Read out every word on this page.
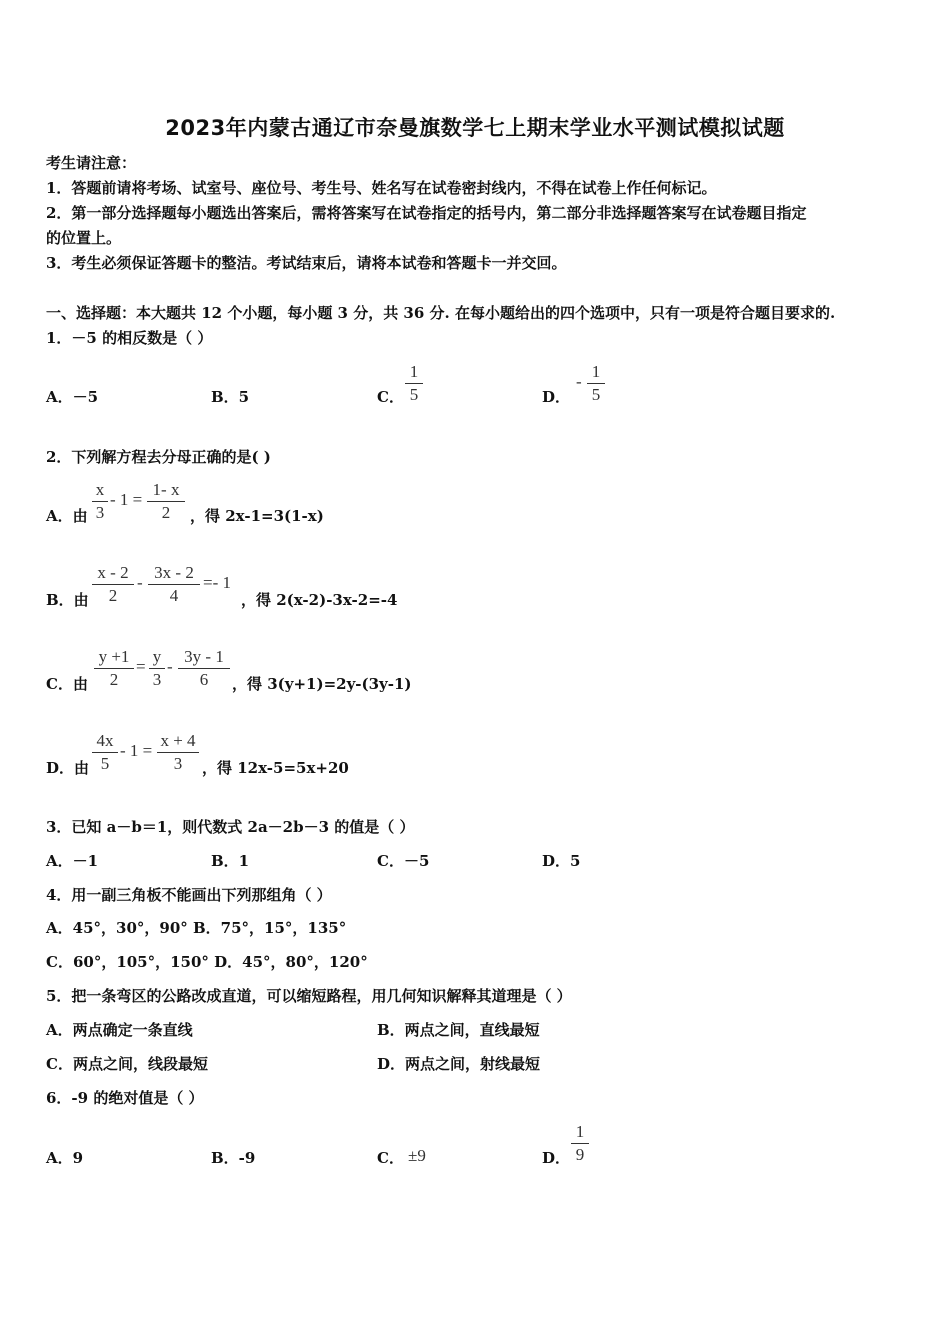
2023年内蒙古通辽市奈曼旗数学七上期末学业水平测试模拟试题
考生请注意：
1．答题前请将考场、试室号、座位号、考生号、姓名写在试卷密封线内，不得在试卷上作任何标记。
2．第一部分选择题每小题选出答案后，需将答案写在试卷指定的括号内，第二部分非选择题答案写在试卷题目指定
的位置上。
3．考生必须保证答题卡的整洁。考试结束后，请将本试卷和答题卡一并交回。
一、选择题：本大题共 12 个小题，每小题 3 分，共 36 分. 在每小题给出的四个选项中，只有一项是符合题目要求的.
1．－5 的相反数是（ ）
A．－5	B．5	C．
1
5	D．
-
1
5
2．下列解方程去分母正确的是( )
A．由
x
3
- 1 =
1- x
2	，得 2x-1=3(1-x)
B．由
x - 2
2
-
3x - 2
4
=- 1
，得 2(x-2)-3x-2=-4
C．由
y +1
2
=
y
3
-
3y - 1
6	，得 3(y+1)=2y-(3y-1)
D．由
4x
5
- 1 =
x + 4
3	，得 12x-5=5x+20
3．已知 a－b＝1，则代数式 2a－2b－3 的值是（ ）
A．－1	B．1	C．－5	D．5
4．用一副三角板不能画出下列那组角（ ）
A．45°，30°，90° B．75°，15°，135°
C．60°，105°，150° D．45°，80°，120°
5．把一条弯区的公路改成直道，可以缩短路程，用几何知识解释其道理是（ ）
A．两点确定一条直线	B．两点之间，直线最短
C．两点之间，线段最短	D．两点之间，射线最短
6．-9 的绝对值是（ ）
A．9	B．-9	C． ±9	D．
1
9
